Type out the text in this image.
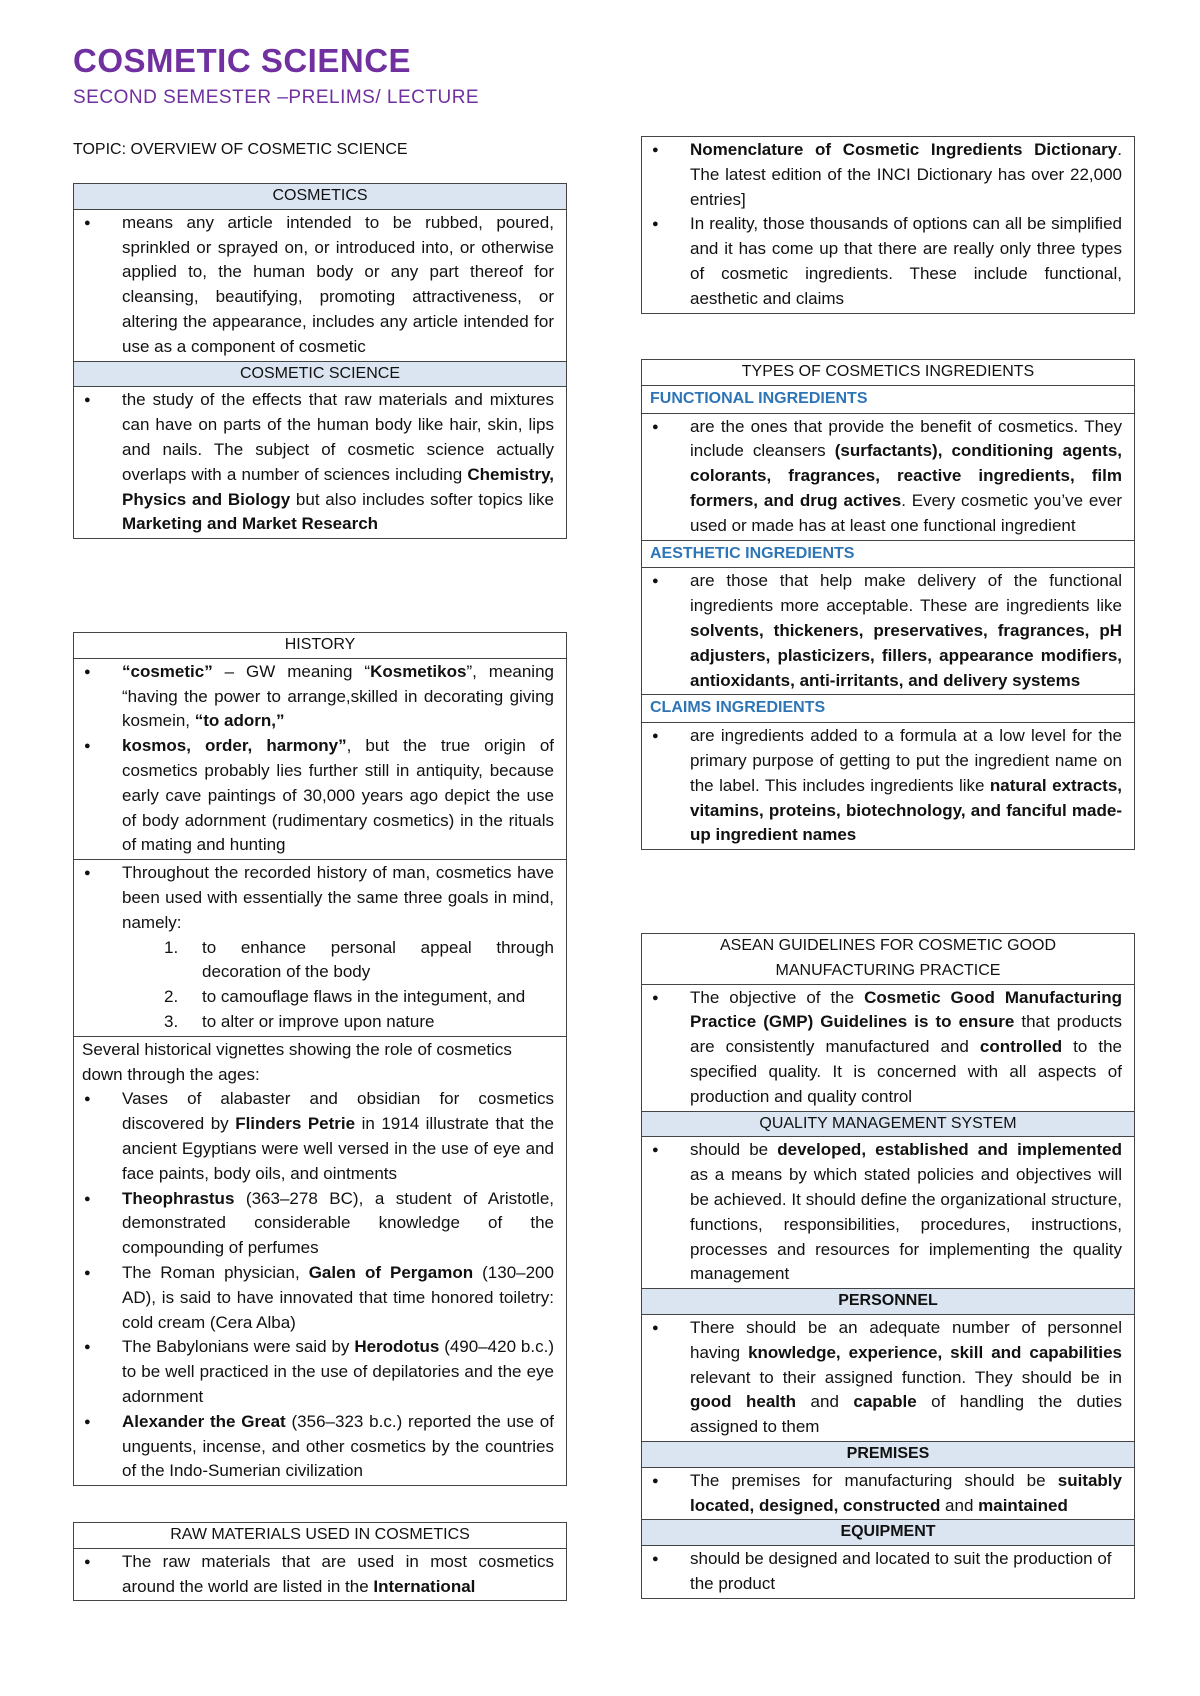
COSMETIC SCIENCE
SECOND SEMESTER –PRELIMS/ LECTURE
TOPIC: OVERVIEW OF COSMETIC SCIENCE
COSMETICS

● means any article intended to be rubbed, poured, sprinkled or sprayed on, or introduced into, or otherwise applied to, the human body or any part thereof for cleansing, beautifying, promoting attractiveness, or altering the appearance, includes any article intended for use as a component of cosmetic

COSMETIC SCIENCE

● the study of the effects that raw materials and mixtures can have on parts of the human body like hair, skin, lips and nails. The subject of cosmetic science actually overlaps with a number of sciences including Chemistry, Physics and Biology but also includes softer topics like Marketing and Market Research
HISTORY

● “cosmetic” – GW meaning “Kosmetikos”, meaning “having the power to arrange,skilled in decorating giving kosmein, “to adorn,”
● kosmos, order, harmony”, but the true origin of cosmetics probably lies further still in antiquity, because early cave paintings of 30,000 years ago depict the use of body adornment (rudimentary cosmetics) in the rituals of mating and hunting

● Throughout the recorded history of man, cosmetics have been used with essentially the same three goals in mind, namely:
1. to enhance personal appeal through decoration of the body
2. to camouflage flaws in the integument, and
3. to alter or improve upon nature

Several historical vignettes showing the role of cosmetics down through the ages:
● Vases of alabaster and obsidian for cosmetics discovered by Flinders Petrie in 1914 illustrate that the ancient Egyptians were well versed in the use of eye and face paints, body oils, and ointments
● Theophrastus (363–278 BC), a student of Aristotle, demonstrated considerable knowledge of the compounding of perfumes
● The Roman physician, Galen of Pergamon (130–200 AD), is said to have innovated that time honored toiletry: cold cream (Cera Alba)
● The Babylonians were said by Herodotus (490–420 b.c.) to be well practiced in the use of depilatories and the eye adornment
● Alexander the Great (356–323 b.c.) reported the use of unguents, incense, and other cosmetics by the countries of the Indo-Sumerian civilization
RAW MATERIALS USED IN COSMETICS

● The raw materials that are used in most cosmetics around the world are listed in the International
● Nomenclature of Cosmetic Ingredients Dictionary. The latest edition of the INCI Dictionary has over 22,000 entries]
● In reality, those thousands of options can all be simplified and it has come up that there are really only three types of cosmetic ingredients. These include functional, aesthetic and claims
TYPES OF COSMETICS INGREDIENTS
FUNCTIONAL INGREDIENTS

● are the ones that provide the benefit of cosmetics. They include cleansers (surfactants), conditioning agents, colorants, fragrances, reactive ingredients, film formers, and drug actives. Every cosmetic you’ve ever used or made has at least one functional ingredient

AESTHETIC INGREDIENTS

● are those that help make delivery of the functional ingredients more acceptable. These are ingredients like solvents, thickeners, preservatives, fragrances, pH adjusters, plasticizers, fillers, appearance modifiers, antioxidants, anti-irritants, and delivery systems

CLAIMS INGREDIENTS

● are ingredients added to a formula at a low level for the primary purpose of getting to put the ingredient name on the label. This includes ingredients like natural extracts, vitamins, proteins, biotechnology, and fanciful made-up ingredient names
ASEAN GUIDELINES FOR COSMETIC GOOD
MANUFACTURING PRACTICE

● The objective of the Cosmetic Good Manufacturing Practice (GMP) Guidelines is to ensure that products are consistently manufactured and controlled to the specified quality. It is concerned with all aspects of production and quality control

QUALITY MANAGEMENT SYSTEM

● should be developed, established and implemented as a means by which stated policies and objectives will be achieved. It should define the organizational structure, functions, responsibilities, procedures, instructions, processes and resources for implementing the quality management

PERSONNEL

● There should be an adequate number of personnel having knowledge, experience, skill and capabilities relevant to their assigned function. They should be in good health and capable of handling the duties assigned to them

PREMISES

● The premises for manufacturing should be suitably located, designed, constructed and maintained

EQUIPMENT

● should be designed and located to suit the production of the product
